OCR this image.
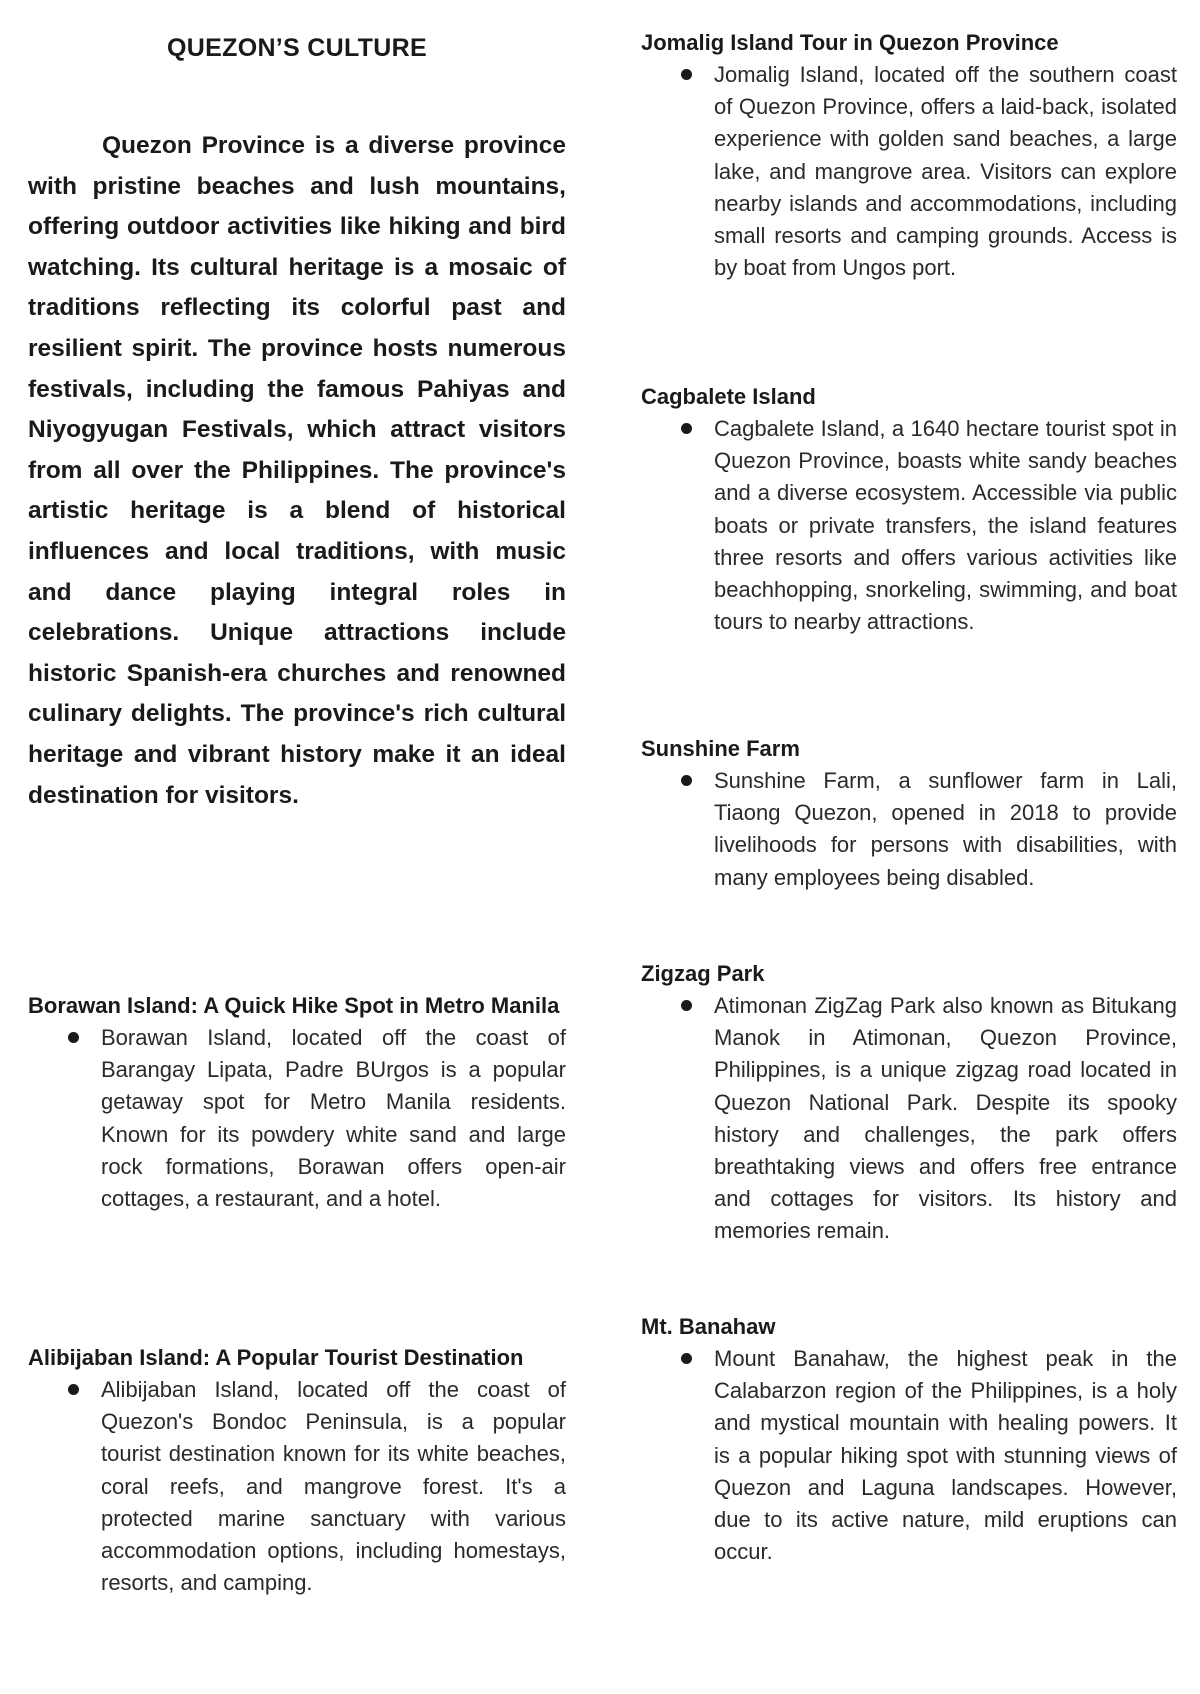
QUEZON’S CULTURE

Quezon Province is a diverse province with pristine beaches and lush mountains, offering outdoor activities like hiking and bird watching. Its cultural heritage is a mosaic of traditions reflecting its colorful past and resilient spirit. The province hosts numerous festivals, including the famous Pahiyas and Niyogyugan Festivals, which attract visitors from all over the Philippines. The province's artistic heritage is a blend of historical influences and local traditions, with music and dance playing integral roles in celebrations. Unique attractions include historic Spanish-era churches and renowned culinary delights. The province's rich cultural heritage and vibrant history make it an ideal destination for visitors.

Borawan Island: A Quick Hike Spot in Metro Manila
Borawan Island, located off the coast of Barangay Lipata, Padre BUrgos is a popular getaway spot for Metro Manila residents. Known for its powdery white sand and large rock formations, Borawan offers open-air cottages, a restaurant, and a hotel.
Alibijaban Island: A Popular Tourist Destination
Alibijaban Island, located off the coast of Quezon's Bondoc Peninsula, is a popular tourist destination known for its white beaches, coral reefs, and mangrove forest. It's a protected marine sanctuary with various accommodation options, including homestays, resorts, and camping.
Jomalig Island Tour in Quezon Province
Jomalig Island, located off the southern coast of Quezon Province, offers a laid-back, isolated experience with golden sand beaches, a large lake, and mangrove area. Visitors can explore nearby islands and accommodations, including small resorts and camping grounds. Access is by boat from Ungos port.
Cagbalete Island
Cagbalete Island, a 1640 hectare tourist spot in Quezon Province, boasts white sandy beaches and a diverse ecosystem. Accessible via public boats or private transfers, the island features three resorts and offers various activities like beachhopping, snorkeling, swimming, and boat tours to nearby attractions.
Sunshine Farm
Sunshine Farm, a sunflower farm in Lali, Tiaong Quezon, opened in 2018 to provide livelihoods for persons with disabilities, with many employees being disabled.
Zigzag Park
Atimonan ZigZag Park also known as Bitukang Manok in Atimonan, Quezon Province, Philippines, is a unique zigzag road located in Quezon National Park. Despite its spooky history and challenges, the park offers breathtaking views and offers free entrance and cottages for visitors. Its history and memories remain.
Mt. Banahaw
Mount Banahaw, the highest peak in the Calabarzon region of the Philippines, is a holy and mystical mountain with healing powers. It is a popular hiking spot with stunning views of Quezon and Laguna landscapes. However, due to its active nature, mild eruptions can occur.
